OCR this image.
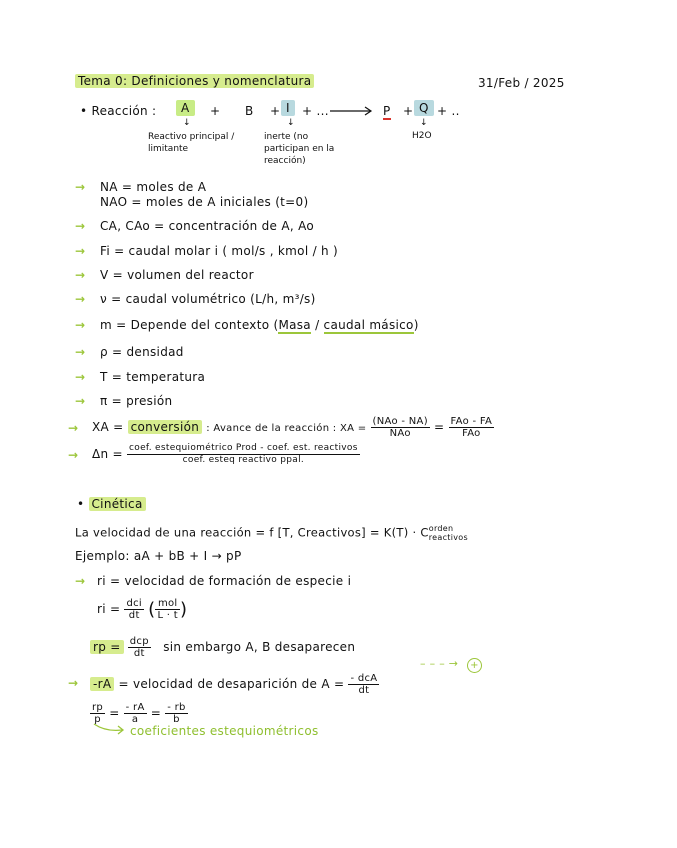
Tema 0: Definiciones y nomenclatura	31/Feb / 2025
• Reacción :	A	+ B + I	+ ... → P + Q + ..
↓	↓	↓
Reactivo principal / limitante
inerte (no participan en la reacción)
H2O
→ NA = moles de A
NAO = moles de A iniciales (t=0)
→ CA, CAo = concentración de A, Ao
→ Fi = caudal molar i ( mol/s , kmol / h )
→ V = volumen del reactor
→ ν = caudal volumétrico (L/h, m³/s)
→ m = Depende del contexto (Masa / caudal másico)
→ ρ = densidad
→ T = temperatura
→ π = presión
→ XA = conversión : Avance de la reacción : XA = $\frac{\text{(NAo - NA)}}{\text{NAo}} = \frac{\text{FAo - FA}}{\text{FAo}}$
→ $\Delta n = \frac{\text{coef. estequiométrico Prod - coef. est. reactivos}}{\text{coef. esteq reactivo ppal.}}$
• Cinética
La velocidad de una reacción = f [T, Creactivos] = K(T) · C orden
reactivos
Ejemplo: aA + bB + I → pP
→ ri = velocidad de formación de especie i
ri = $\frac{\text{dci}}{dt}$ ( $\frac{\text{mol}}{L \cdot t}$ )
rp = $\frac{\text{dcp}}{dt}$ sin embargo A, B desaparecen
– – – →	+
→ -rA = velocidad de desaparición de $A = \frac{\text{- dcA}}{dt}$
$\frac{rp}{p} = \frac{- rA}{a} = \frac{- rb}{b}$
coeficientes estequiométricos
